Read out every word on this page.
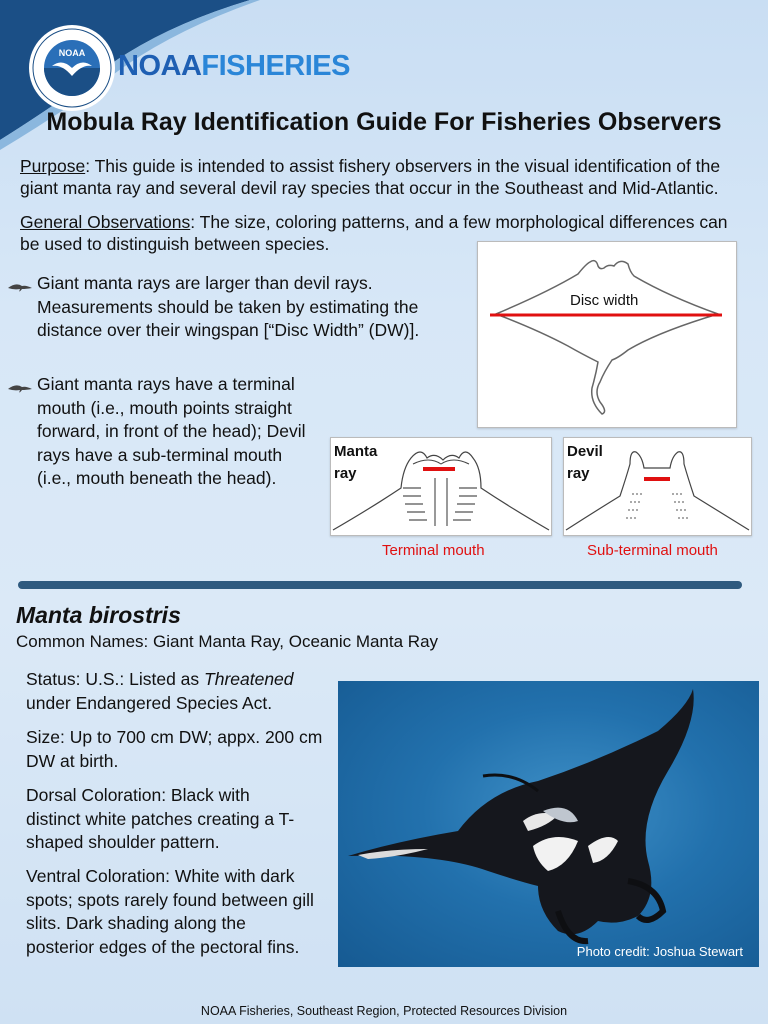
NOAA NOAAFISHERIES
Mobula Ray Identification Guide For Fisheries Observers
Purpose: This guide is intended to assist fishery observers in the visual identification of the giant manta ray and several devil ray species that occur in the Southeast and Mid-Atlantic.
General Observations: The size, coloring patterns, and a few morphological differences can be used to distinguish between species.
Giant manta rays are larger than devil rays. Measurements should be taken by estimating the distance over their wingspan [“Disc Width” (DW)].
Giant manta rays have a terminal mouth (i.e., mouth points straight forward, in front of the head); Devil rays have a sub-terminal mouth (i.e., mouth beneath the head).
Disc width
Manta
ray
Terminal mouth
Devil
ray
Sub-terminal mouth
Manta birostris
Common Names: Giant Manta Ray, Oceanic Manta Ray
Status: U.S.: Listed as Threatened under Endangered Species Act.
Size: Up to 700 cm DW; appx. 200 cm DW at birth.
Dorsal Coloration: Black with distinct white patches creating a T-shaped shoulder pattern.
Ventral Coloration: White with dark spots; spots rarely found between gill slits. Dark shading along the posterior edges of the pectoral fins.	Photo credit: Joshua Stewart
NOAA Fisheries, Southeast Region, Protected Resources Division
